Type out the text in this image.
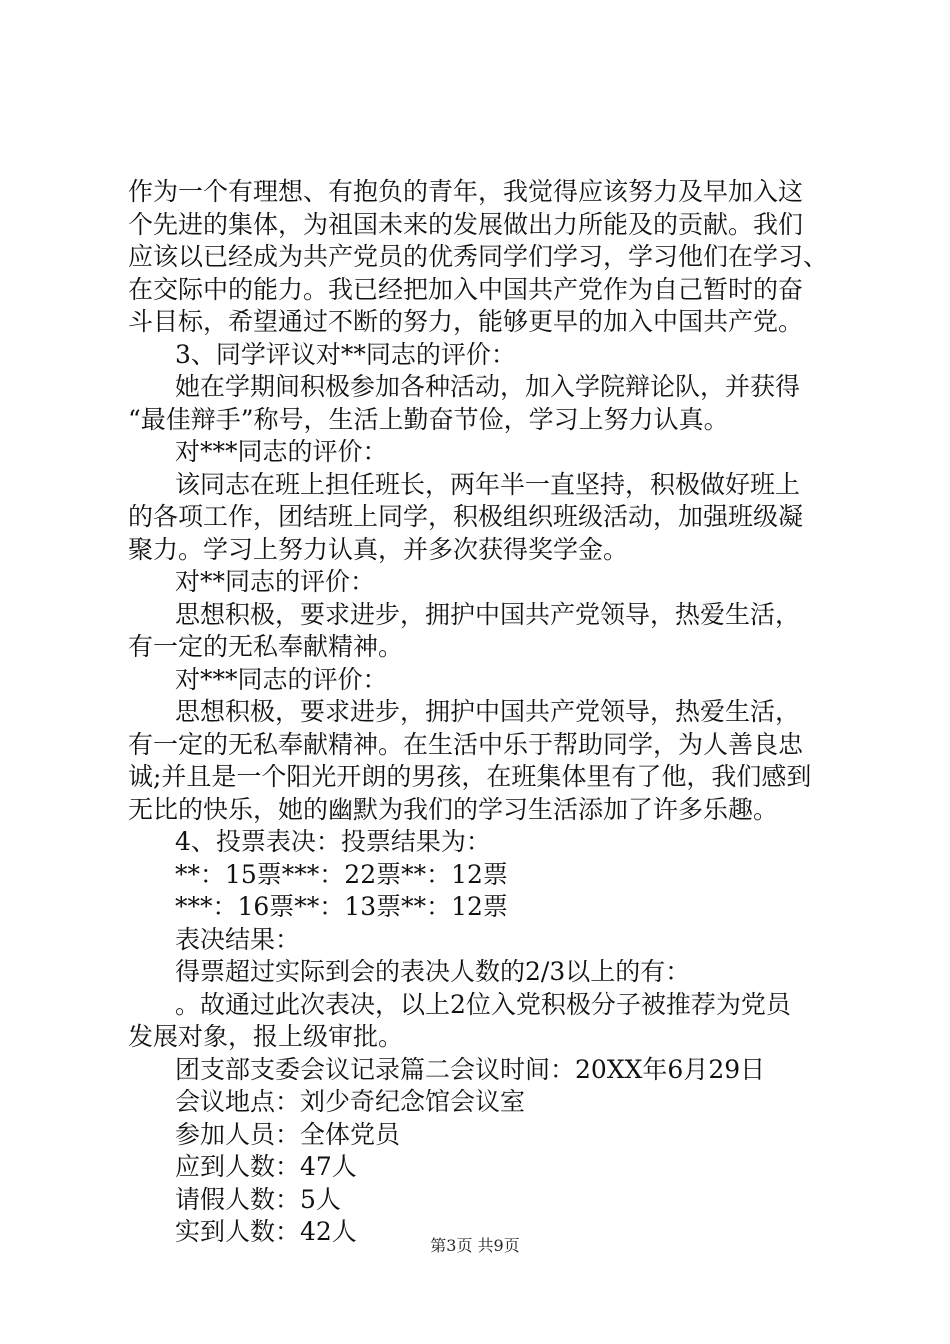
作为一个有理想、有抱负的青年，我觉得应该努力及早加入这
个先进的集体，为祖国未来的发展做出力所能及的贡献。我们
应该以已经成为共产党员的优秀同学们学习，学习他们在学习、
在交际中的能力。我已经把加入中国共产党作为自己暂时的奋
斗目标，希望通过不断的努力，能够更早的加入中国共产党。
3、同学评议对**同志的评价：
她在学期间积极参加各种活动，加入学院辩论队，并获得
“最佳辩手”称号，生活上勤奋节俭，学习上努力认真。
对***同志的评价：
该同志在班上担任班长，两年半一直坚持，积极做好班上
的各项工作，团结班上同学，积极组织班级活动，加强班级凝
聚力。学习上努力认真，并多次获得奖学金。
对**同志的评价：
思想积极，要求进步，拥护中国共产党领导，热爱生活，
有一定的无私奉献精神。
对***同志的评价：
思想积极，要求进步，拥护中国共产党领导，热爱生活，
有一定的无私奉献精神。在生活中乐于帮助同学，为人善良忠
诚;并且是一个阳光开朗的男孩，在班集体里有了他，我们感到
无比的快乐，她的幽默为我们的学习生活添加了许多乐趣。
4、投票表决：投票结果为：
**：15票***：22票**：12票
***：16票**：13票**：12票
表决结果：
得票超过实际到会的表决人数的2/3以上的有：
。故通过此次表决，以上2位入党积极分子被推荐为党员
发展对象，报上级审批。
团支部支委会议记录篇二会议时间：20XX年6月29日
会议地点：刘少奇纪念馆会议室
参加人员：全体党员
应到人数：47人
请假人数：5人
实到人数：42人	第3页 共9页
